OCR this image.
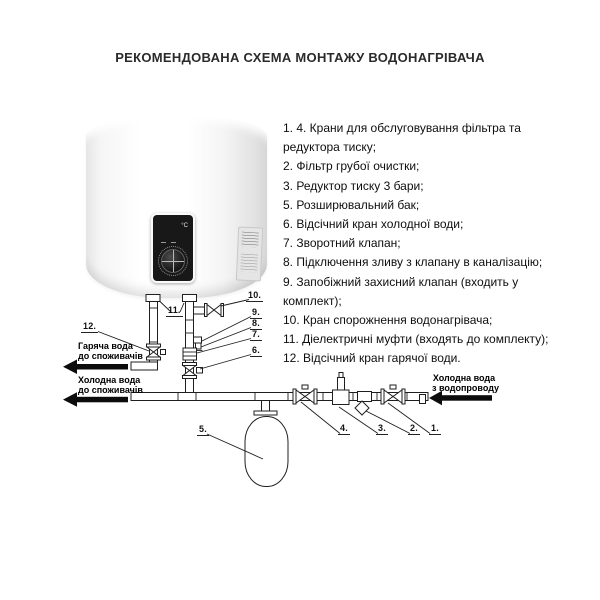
РЕКОМЕНДОВАНА СХЕМА МОНТАЖУ ВОДОНАГРІВАЧА
1. 4. Крани для обслуговування фільтра та
редуктора тиску;
2. Фільтр грубої очистки;
3. Редуктор тиску 3 бари;
5. Розширювальний бак;
6. Відсічний кран холодної води;
7. Зворотний клапан;
8. Підключення зливу з клапану в каналізацію;
9. Запобіжний захисний клапан (входить у
комплект);
10. Кран спорожнення водонагрівача;
11. Діелектричні муфти (входять до комплекту);
12. Відсічний кран гарячої води.
°C
1.
2.
3.
4.
5.
6.
7.
8.
9.
10.
11.
12.
Гаряча вода
до споживачів
Холодна вода
до споживачів
Холодна вода
з водопроводу
